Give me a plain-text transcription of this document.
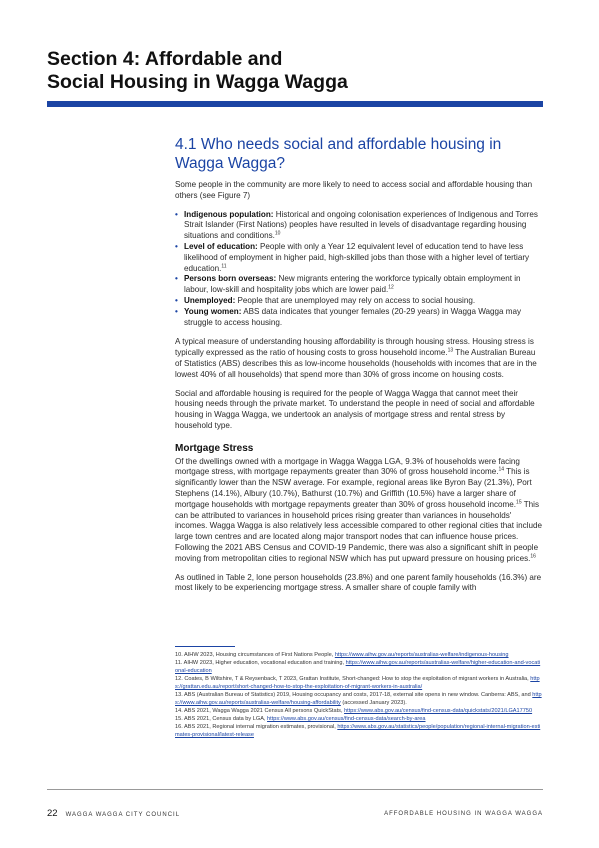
Section 4: Affordable and
Social Housing in Wagga Wagga
4.1 Who needs social and affordable housing in Wagga Wagga?

Some people in the community are more likely to need to access social and affordable housing than others (see Figure 7)

• Indigenous population: Historical and ongoing colonisation experiences of Indigenous and Torres Strait Islander (First Nations) peoples have resulted in levels of disadvantage regarding housing situations and conditions.$^{10}$
• Level of education: People with only a Year 12 equivalent level of education tend to have less likelihood of employment in higher paid, high-skilled jobs than those with a higher level of tertiary education.$^{11}$
• Persons born overseas: New migrants entering the workforce typically obtain employment in labour, low-skill and hospitality jobs which are lower paid.$^{12}$
• Unemployed: People that are unemployed may rely on access to social housing.
• Young women: ABS data indicates that younger females (20-29 years) in Wagga Wagga may struggle to access housing.

A typical measure of understanding housing affordability is through housing stress. Housing stress is typically expressed as the ratio of housing costs to gross household income.$^{13}$ The Australian Bureau of Statistics (ABS) describes this as low-income households (households with incomes that are in the lowest 40% of all households) that spend more than 30% of gross income on housing costs.

Social and affordable housing is required for the people of Wagga Wagga that cannot meet their housing needs through the private market. To understand the people in need of social and affordable housing in Wagga Wagga, we undertook an analysis of mortgage stress and rental stress by household type.

Mortgage Stress

Of the dwellings owned with a mortgage in Wagga Wagga LGA, 9.3% of households were facing mortgage stress, with mortgage repayments greater than 30% of gross household income.$^{14}$ This is significantly lower than the NSW average. For example, regional areas like Byron Bay (21.3%), Port Stephens (14.1%), Albury (10.7%), Bathurst (10.7%) and Griffith (10.5%) have a larger share of mortgage households with mortgage repayments greater than 30% of gross household income.$^{15}$ This can be attributed to variances in household prices rising greater than variances in households' incomes. Wagga Wagga is also relatively less accessible compared to other regional cities that include large town centres and are located along major transport nodes that can influence house prices. Following the 2021 ABS Census and COVID-19 Pandemic, there was also a significant shift in people moving from metropolitan cities to regional NSW which has put upward pressure on housing prices.$^{16}$

As outlined in Table 2, lone person households (23.8%) and one parent family households (16.3%) are most likely to be experiencing mortgage stress. A smaller share of couple family with

10. AIHW 2023, Housing circumstances of First Nations People, https://www.aihw.gov.au/reports/australias-welfare/indigenous-housing
11. AIHW 2023, Higher education, vocational education and training, https://www.aihw.gov.au/reports/australias-welfare/higher-education-and-vocational-education
12. Coates, B Wiltshire, T & Reysenback, T 2023, Grattan Institute, Short-changed: How to stop the exploitation of migrant workers in Australia, https://grattan.edu.au/report/short-changed-how-to-stop-the-exploitation-of-migrant-workers-in-australia/
13. ABS (Australian Bureau of Statistics) 2019, Housing occupancy and costs, 2017-18, external site opens in new window. Canberra: ABS, and https://www.aihw.gov.au/reports/australias-welfare/housing-affordability (accessed January 2023).
14. ABS 2021, Wagga Wagga 2021 Census All persons QuickStats, https://www.abs.gov.au/census/find-census-data/quickstats/2021/LGA17750
15. ABS 2021, Census data by LGA, https://www.abs.gov.au/census/find-census-data/search-by-area
16. ABS 2021, Regional internal migration estimates, provisional, https://www.abs.gov.au/statistics/people/population/regional-internal-migration-estimates-provisional/latest-release
22 WAGGA WAGGA CITY COUNCIL	AFFORDABLE HOUSING IN WAGGA WAGGA
